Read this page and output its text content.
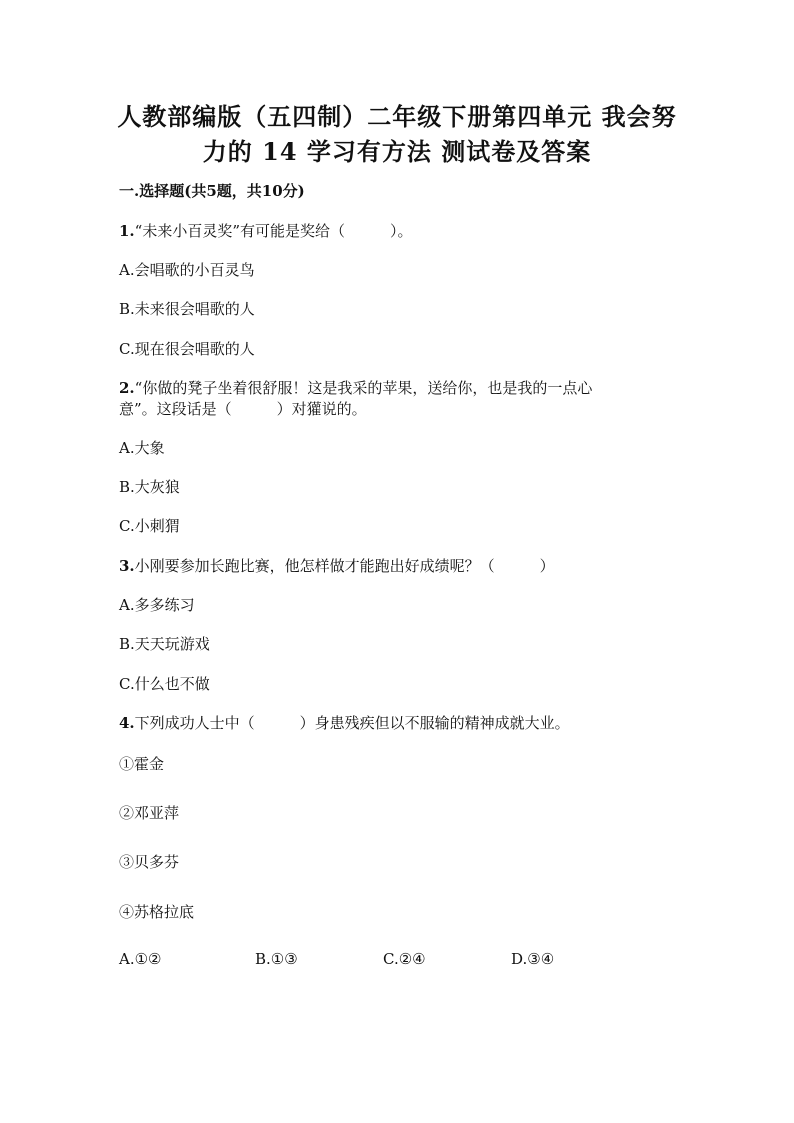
人教部编版（五四制）二年级下册第四单元 我会努
力的 14 学习有方法 测试卷及答案
一.选择题(共5题，共10分)
1.“未来小百灵奖”有可能是奖给（　　　）。
A.会唱歌的小百灵鸟
B.未来很会唱歌的人
C.现在很会唱歌的人
2.“你做的凳子坐着很舒服！这是我采的苹果，送给你，也是我的一点心
意”。这段话是（　　　）对獾说的。
A.大象
B.大灰狼
C.小刺猬
3.小刚要参加长跑比赛，他怎样做才能跑出好成绩呢？（　　　）
A.多多练习
B.天天玩游戏
C.什么也不做
4.下列成功人士中（　　　）身患残疾但以不服输的精神成就大业。
①霍金
②邓亚萍
③贝多芬
④苏格拉底
A.①②	B.①③	C.②④	D.③④
